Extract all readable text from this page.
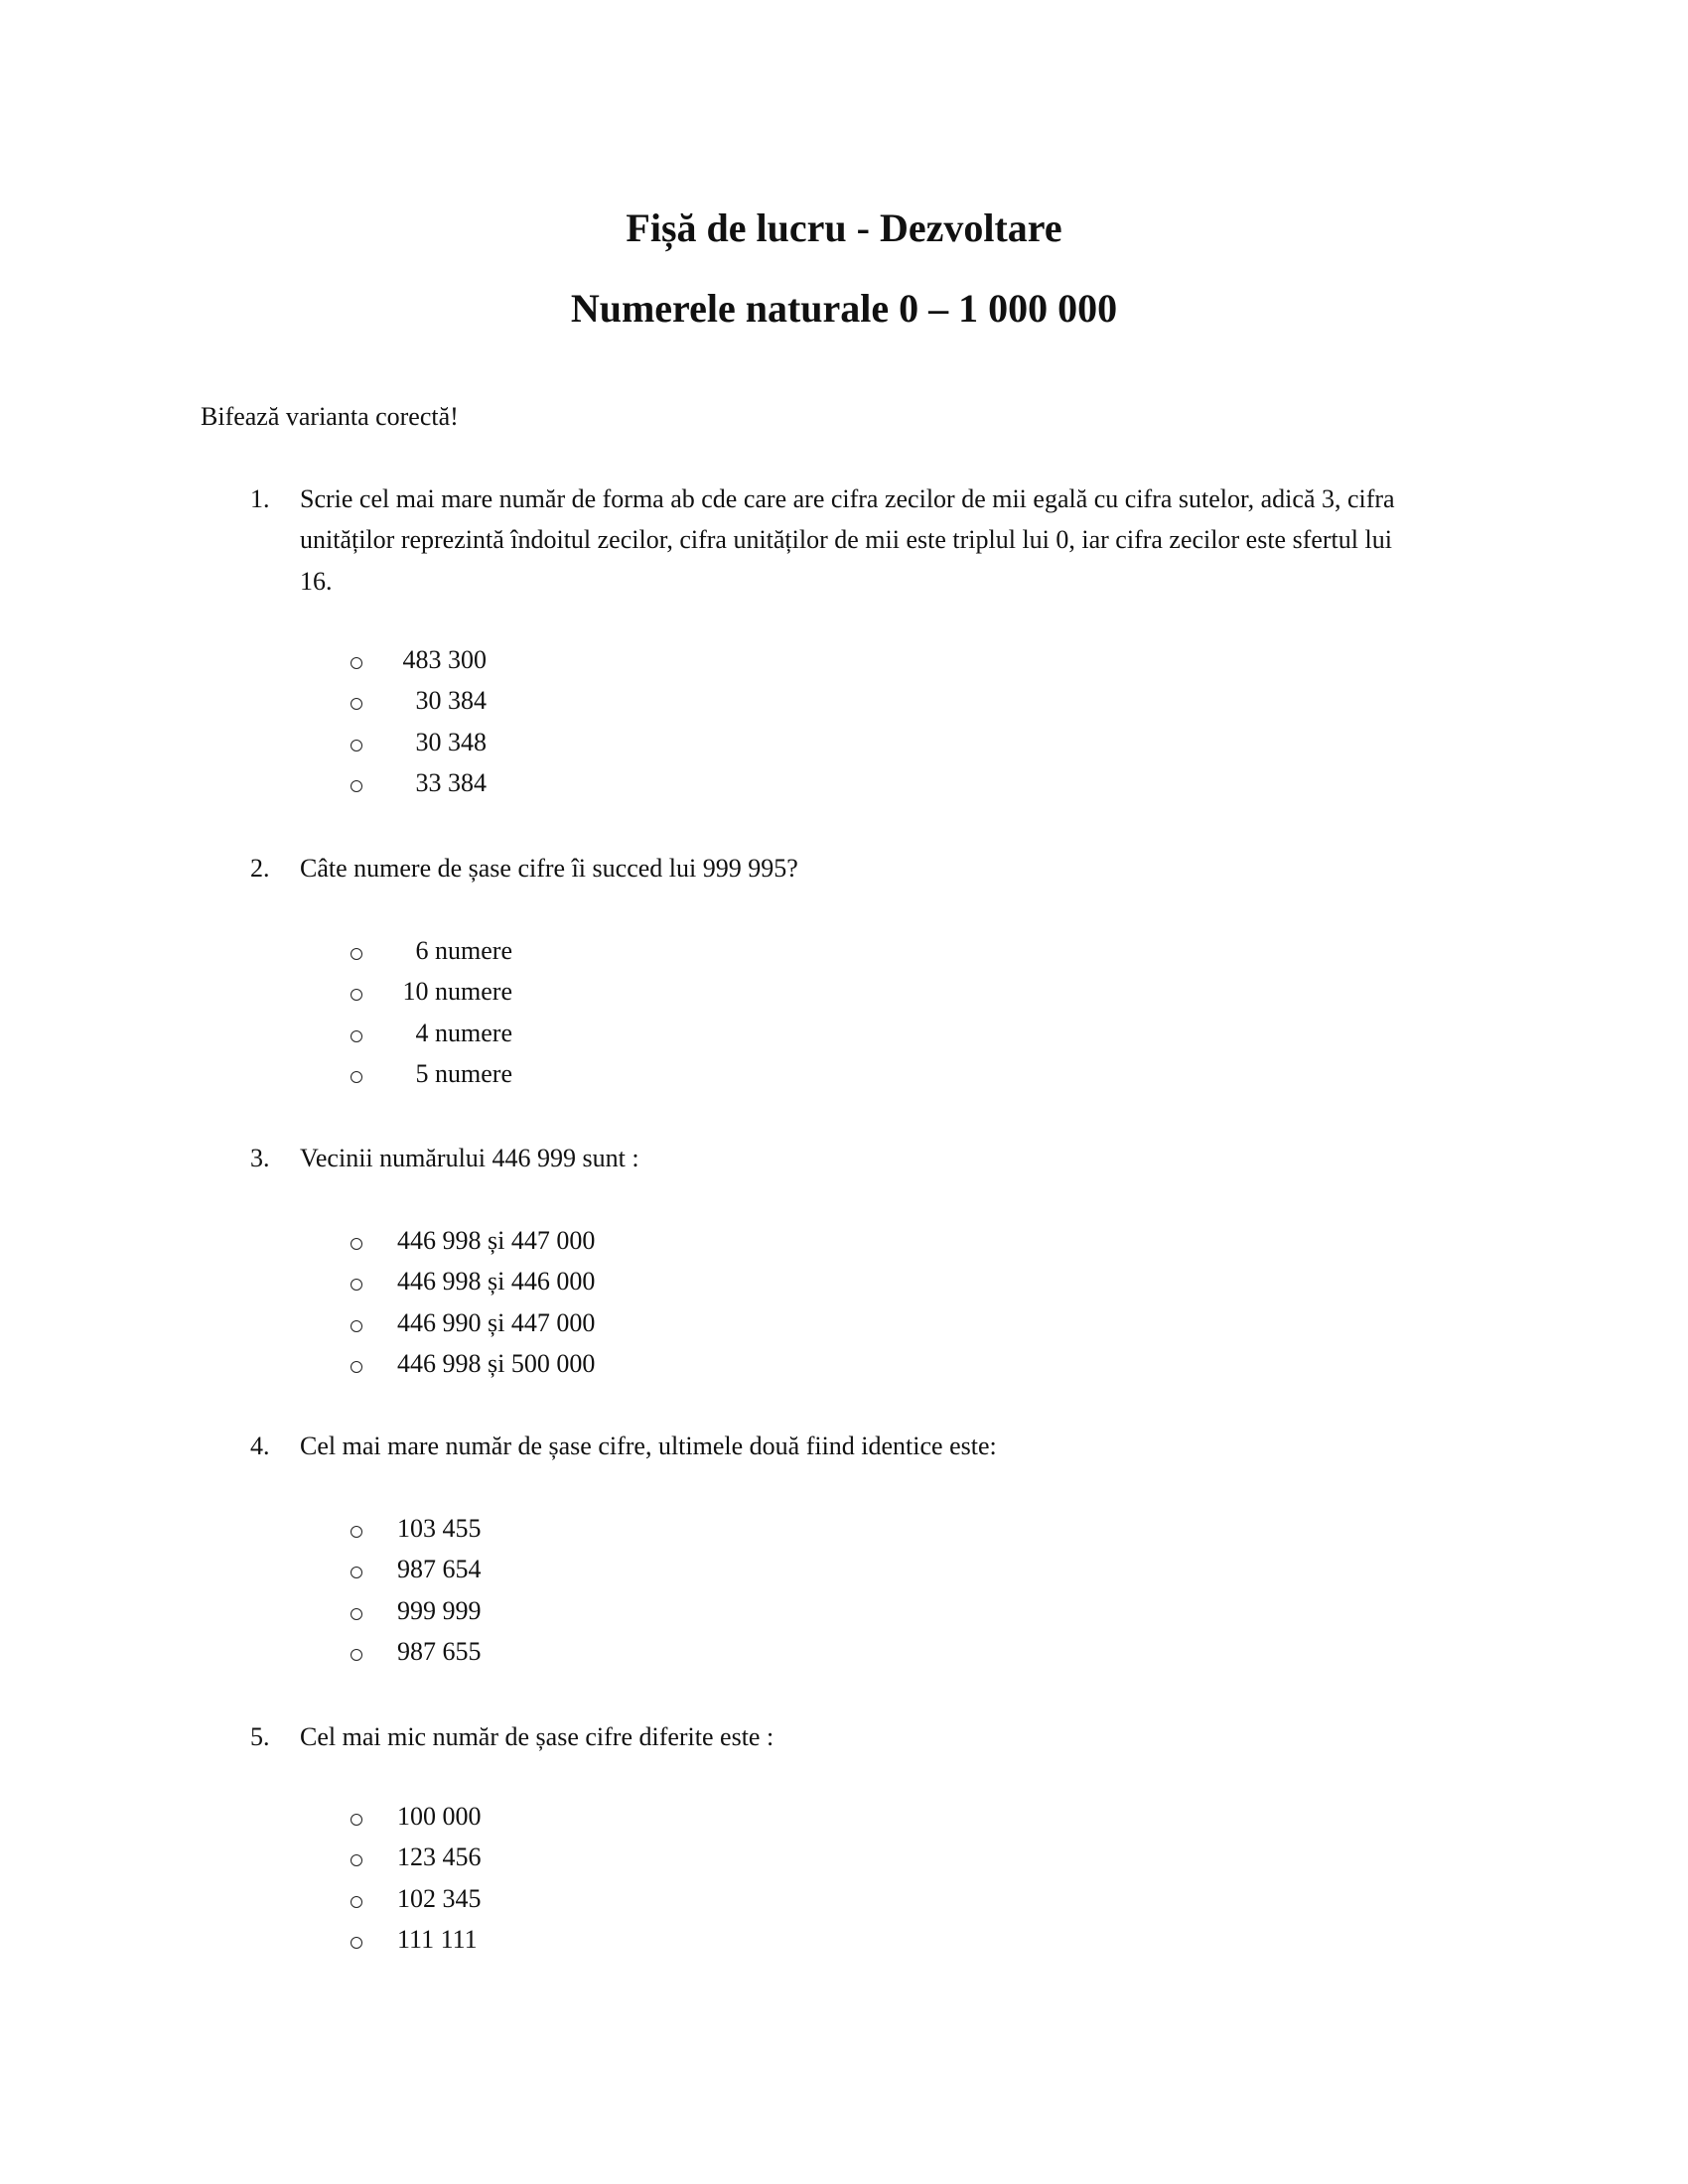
Fișă de lucru - Dezvoltare
Numerele naturale 0 – 1 000 000
Bifează varianta corectă!
1. Scrie cel mai mare număr de forma ab cde care are cifra zecilor de mii egală cu cifra sutelor, adică 3, cifra
unităților reprezintă îndoitul zecilor, cifra unităților de mii este triplul lui 0, iar cifra zecilor este sfertul lui
16.
483 300
30 384
30 348
33 384
2. Câte numere de șase cifre îi succed lui 999 995?
6 numere
10 numere
4 numere
5 numere
3. Vecinii numărului 446 999 sunt :
446 998 și 447 000
446 998 și 446 000
446 990 și 447 000
446 998 și 500 000
4. Cel mai mare număr de șase cifre, ultimele două fiind identice este:
103 455
987 654
999 999
987 655
5. Cel mai mic număr de șase cifre diferite este :
100 000
123 456
102 345
111 111
